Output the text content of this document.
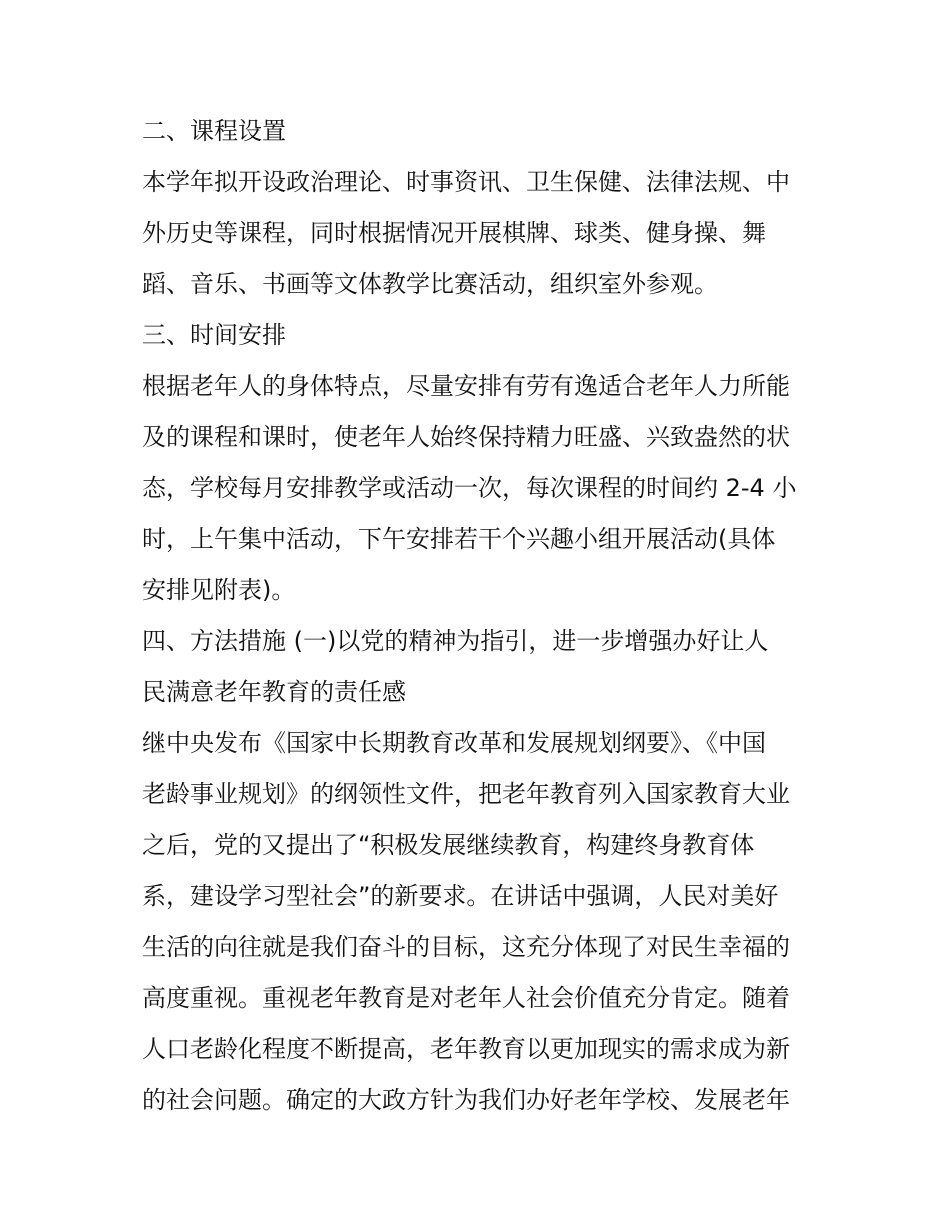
二、课程设置
本学年拟开设政治理论、时事资讯、卫生保健、法律法规、中
外历史等课程，同时根据情况开展棋牌、球类、健身操、舞
蹈、音乐、书画等文体教学比赛活动，组织室外参观。
三、时间安排
根据老年人的身体特点，尽量安排有劳有逸适合老年人力所能
及的课程和课时，使老年人始终保持精力旺盛、兴致盎然的状
态，学校每月安排教学或活动一次，每次课程的时间约 2-4 小
时，上午集中活动，下午安排若干个兴趣小组开展活动(具体
安排见附表)。
四、方法措施 (一)以党的精神为指引，进一步增强办好让人
民满意老年教育的责任感
继中央发布《国家中长期教育改革和发展规划纲要》、《中国
老龄事业规划》的纲领性文件，把老年教育列入国家教育大业
之后，党的又提出了“积极发展继续教育，构建终身教育体
系，建设学习型社会”的新要求。在讲话中强调，人民对美好
生活的向往就是我们奋斗的目标，这充分体现了对民生幸福的
高度重视。重视老年教育是对老年人社会价值充分肯定。随着
人口老龄化程度不断提高，老年教育以更加现实的需求成为新
的社会问题。确定的大政方针为我们办好老年学校、发展老年
